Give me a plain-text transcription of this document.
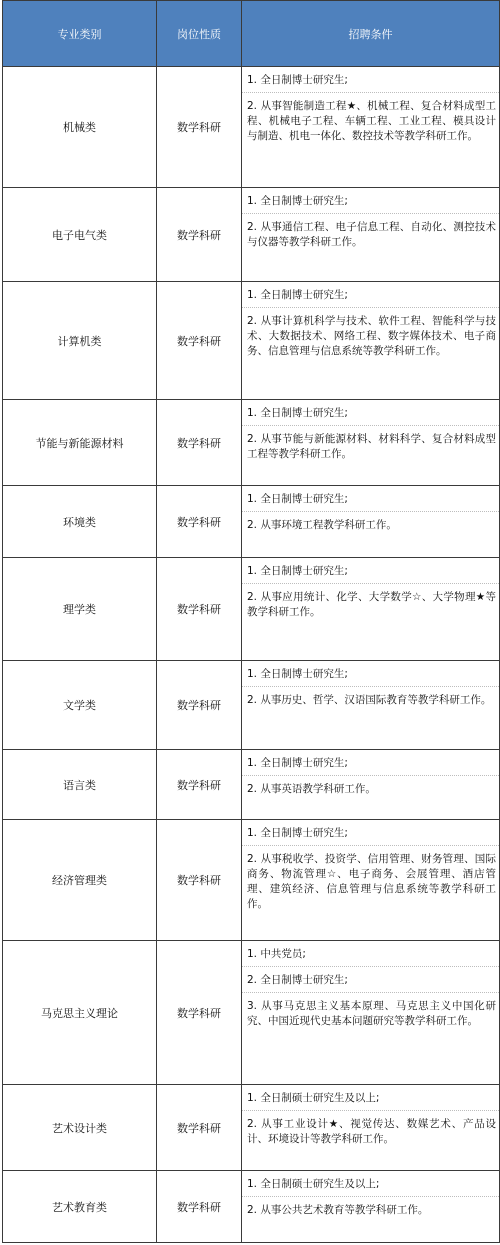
专业类别	岗位性质	招聘条件
机械类	数学科研	1. 全日制博士研究生;
2. 从事智能制造工程★、机械工程、复合材料成型工程、机械电子工程、车辆工程、工业工程、模具设计与制造、机电一体化、数控技术等教学科研工作。

电子电气类	数学科研	1. 全日制博士研究生;
2. 从事通信工程、电子信息工程、自动化、测控技术与仪器等教学科研工作。

计算机类	数学科研	1. 全日制博士研究生;
2. 从事计算机科学与技术、软件工程、智能科学与技术、大数据技术、网络工程、数字媒体技术、电子商务、信息管理与信息系统等教学科研工作。

节能与新能源材料	数学科研	1. 全日制博士研究生;
2. 从事节能与新能源材料、材料科学、复合材料成型工程等教学科研工作。

环境类	数学科研	1. 全日制博士研究生;
2. 从事环境工程教学科研工作。

理学类	数学科研	1. 全日制博士研究生;
2. 从事应用统计、化学、大学数学☆、大学物理★等教学科研工作。

文学类	数学科研	1. 全日制博士研究生;
2. 从事历史、哲学、汉语国际教育等教学科研工作。

语言类	数学科研	1. 全日制博士研究生;
2. 从事英语教学科研工作。

经济管理类	数学科研	1. 全日制博士研究生;
2. 从事税收学、投资学、信用管理、财务管理、国际商务、物流管理☆、电子商务、会展管理、酒店管理、建筑经济、信息管理与信息系统等教学科研工作。

马克思主义理论	数学科研	1. 中共党员;
2. 全日制博士研究生;
3. 从事马克思主义基本原理、马克思主义中国化研究、中国近现代史基本问题研究等教学科研工作。

艺术设计类	数学科研	1. 全日制硕士研究生及以上;
2. 从事工业设计★、视觉传达、数媒艺术、产品设计、环境设计等教学科研工作。

艺术教育类	数学科研	1. 全日制硕士研究生及以上;
2. 从事公共艺术教育等教学科研工作。
